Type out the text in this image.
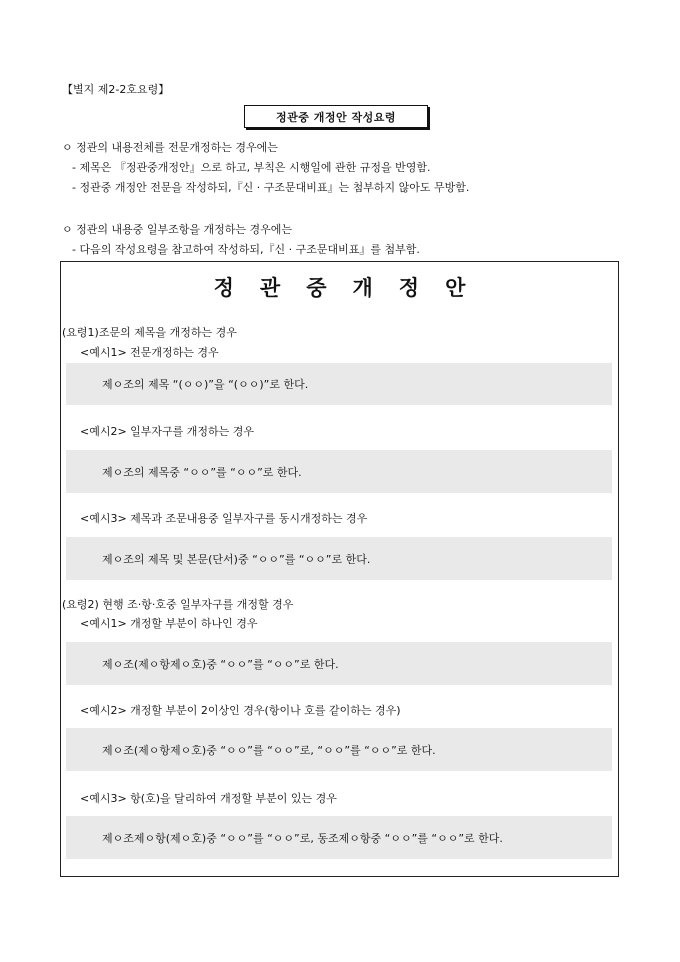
【별지 제2-2호요령】
정관중 개정안 작성요령
ㅇ 정관의 내용전체를 전문개정하는 경우에는
- 제목은 『정관중개정안』으로 하고, 부칙은 시행일에 관한 규정을 반영함.
- 정관중 개정안 전문을 작성하되,『신 · 구조문대비표』는 첨부하지 않아도 무방함.
ㅇ 정관의 내용중 일부조항을 개정하는 경우에는
- 다음의 작성요령을 참고하여 작성하되,『신 · 구조문대비표』를 첨부함.
정관중개정안
(요령1)조문의 제목을 개정하는 경우
<예시1> 전문개정하는 경우
제ㅇ조의 제목 “(ㅇㅇ)”을 “(ㅇㅇ)”로 한다.
<예시2> 일부자구를 개정하는 경우
제ㅇ조의 제목중 “ㅇㅇ”를 “ㅇㅇ”로 한다.
<예시3> 제목과 조문내용중 일부자구를 동시개정하는 경우
제ㅇ조의 제목 및 본문(단서)중 “ㅇㅇ”를 “ㅇㅇ”로 한다.
(요령2) 현행 조·항·호중 일부자구를 개정할 경우
<예시1> 개정할 부분이 하나인 경우
제ㅇ조(제ㅇ항제ㅇ호)중 “ㅇㅇ”를 “ㅇㅇ”로 한다.
<예시2> 개정할 부분이 2이상인 경우(항이나 호를 같이하는 경우)
제ㅇ조(제ㅇ항제ㅇ호)중 “ㅇㅇ”를 “ㅇㅇ”로, “ㅇㅇ”를 “ㅇㅇ”로 한다.
<예시3> 항(호)을 달리하여 개정할 부분이 있는 경우
제ㅇ조제ㅇ항(제ㅇ호)중 “ㅇㅇ”를 “ㅇㅇ”로, 동조제ㅇ항중 “ㅇㅇ”를 “ㅇㅇ”로 한다.
